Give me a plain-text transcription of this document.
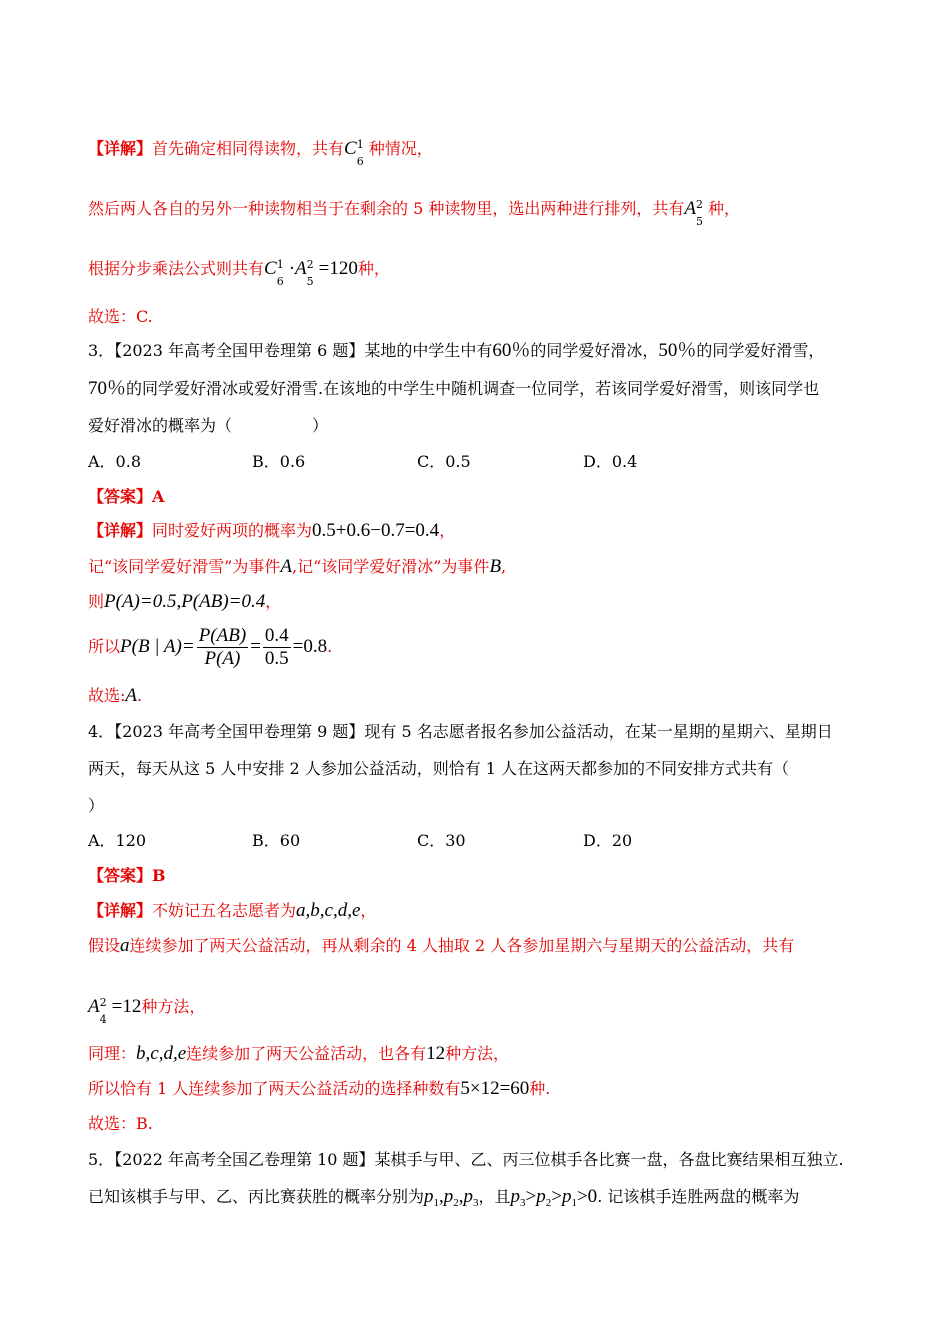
【详解】首先确定相同得读物，共有C 1
6
种情况，
然后两人各自的另外一种读物相当于在剩余的 5 种读物里，选出两种进行排列，共有A 2
5
种，
根据分步乘法公式则共有C 1
6
·A 2
5
=120种，
故选：C.
3．【2023 年高考全国甲卷理第 6 题】某地的中学生中有60％的同学爱好滑冰，50％的同学爱好滑雪，
70％的同学爱好滑冰或爱好滑雪.在该地的中学生中随机调查一位同学，若该同学爱好滑雪，则该同学也
爱好滑冰的概率为（　　　　　）
A．0.8	B．0.6	C．0.5	D．0.4
【答案】A
【详解】同时爱好两项的概率为0.5+0.6−0.7=0.4，
记“该同学爱好滑雪”为事件A,记“该同学爱好滑冰”为事件B,
则P(A)=0.5,P(AB)=0.4，
所以P(B | $A)= \frac{P(AB)}{P(A)} = \frac{0.4}{0.5} =0.8$.
故选:A.
4．【2023 年高考全国甲卷理第 9 题】现有 5 名志愿者报名参加公益活动，在某一星期的星期六、星期日
两天，每天从这 5 人中安排 2 人参加公益活动，则恰有 1 人在这两天都参加的不同安排方式共有（
）
A．120	B．60	C．30	D．20
【答案】B
【详解】不妨记五名志愿者为a,b,c,d,e，
假设a连续参加了两天公益活动，再从剩余的 4 人抽取 2 人各参加星期六与星期天的公益活动，共有
A 2
4
=12种方法，
同理：b,c,d,e连续参加了两天公益活动，也各有12种方法，
所以恰有 1 人连续参加了两天公益活动的选择种数有5×12=60种.
故选：B.
5．【2022 年高考全国乙卷理第 10 题】某棋手与甲、乙、丙三位棋手各比赛一盘，各盘比赛结果相互独立.
已知该棋手与甲、乙、丙比赛获胜的概率分别为$p_1,p_2,p_3$，且$p_3>p_2>p_1>0$. 记该棋手连胜两盘的概率为
